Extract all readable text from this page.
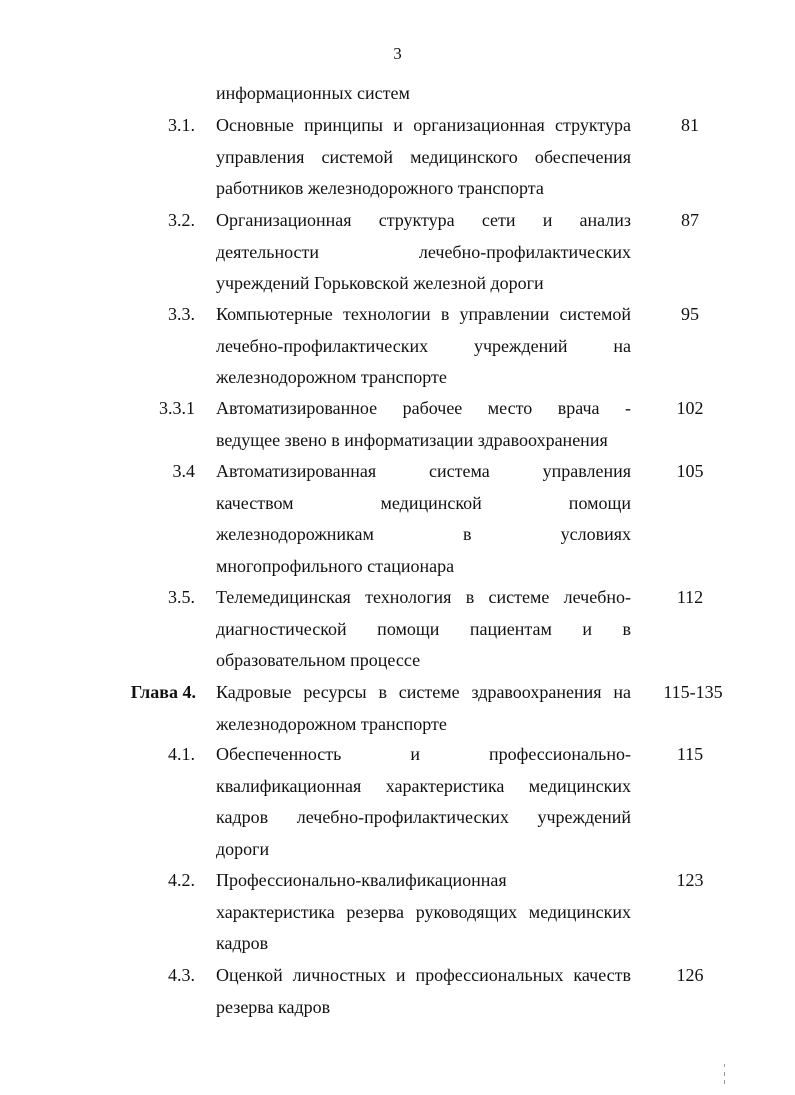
3
информационных систем
3.1. Основные принципы и организационная структура
управления системой медицинского обеспечения
работников железнодорожного транспорта
81
3.2. Организационная структура сети и анализ
деятельности лечебно-профилактических
учреждений Горьковской железной дороги
87
3.3. Компьютерные технологии в управлении системой
лечебно-профилактических учреждений на
железнодорожном транспорте
95
3.3.1 Автоматизированное рабочее место врача -
ведущее звено в информатизации здравоохранения
102
3.4 Автоматизированная система управления
качеством медицинской помощи
железнодорожникам в условиях
многопрофильного стационара
105
3.5. Телемедицинская технология в системе лечебно-
диагностической помощи пациентам и в
образовательном процессе
112
Глава 4. Кадровые ресурсы в системе здравоохранения на
железнодорожном транспорте
115-135
4.1. Обеспеченность и профессионально-
квалификационная характеристика медицинских
кадров лечебно-профилактических учреждений
дороги
115
4.2. Профессионально-квалификационная
характеристика резерва руководящих медицинских
кадров
123
4.3. Оценкой личностных и профессиональных качеств
резерва кадров
126
